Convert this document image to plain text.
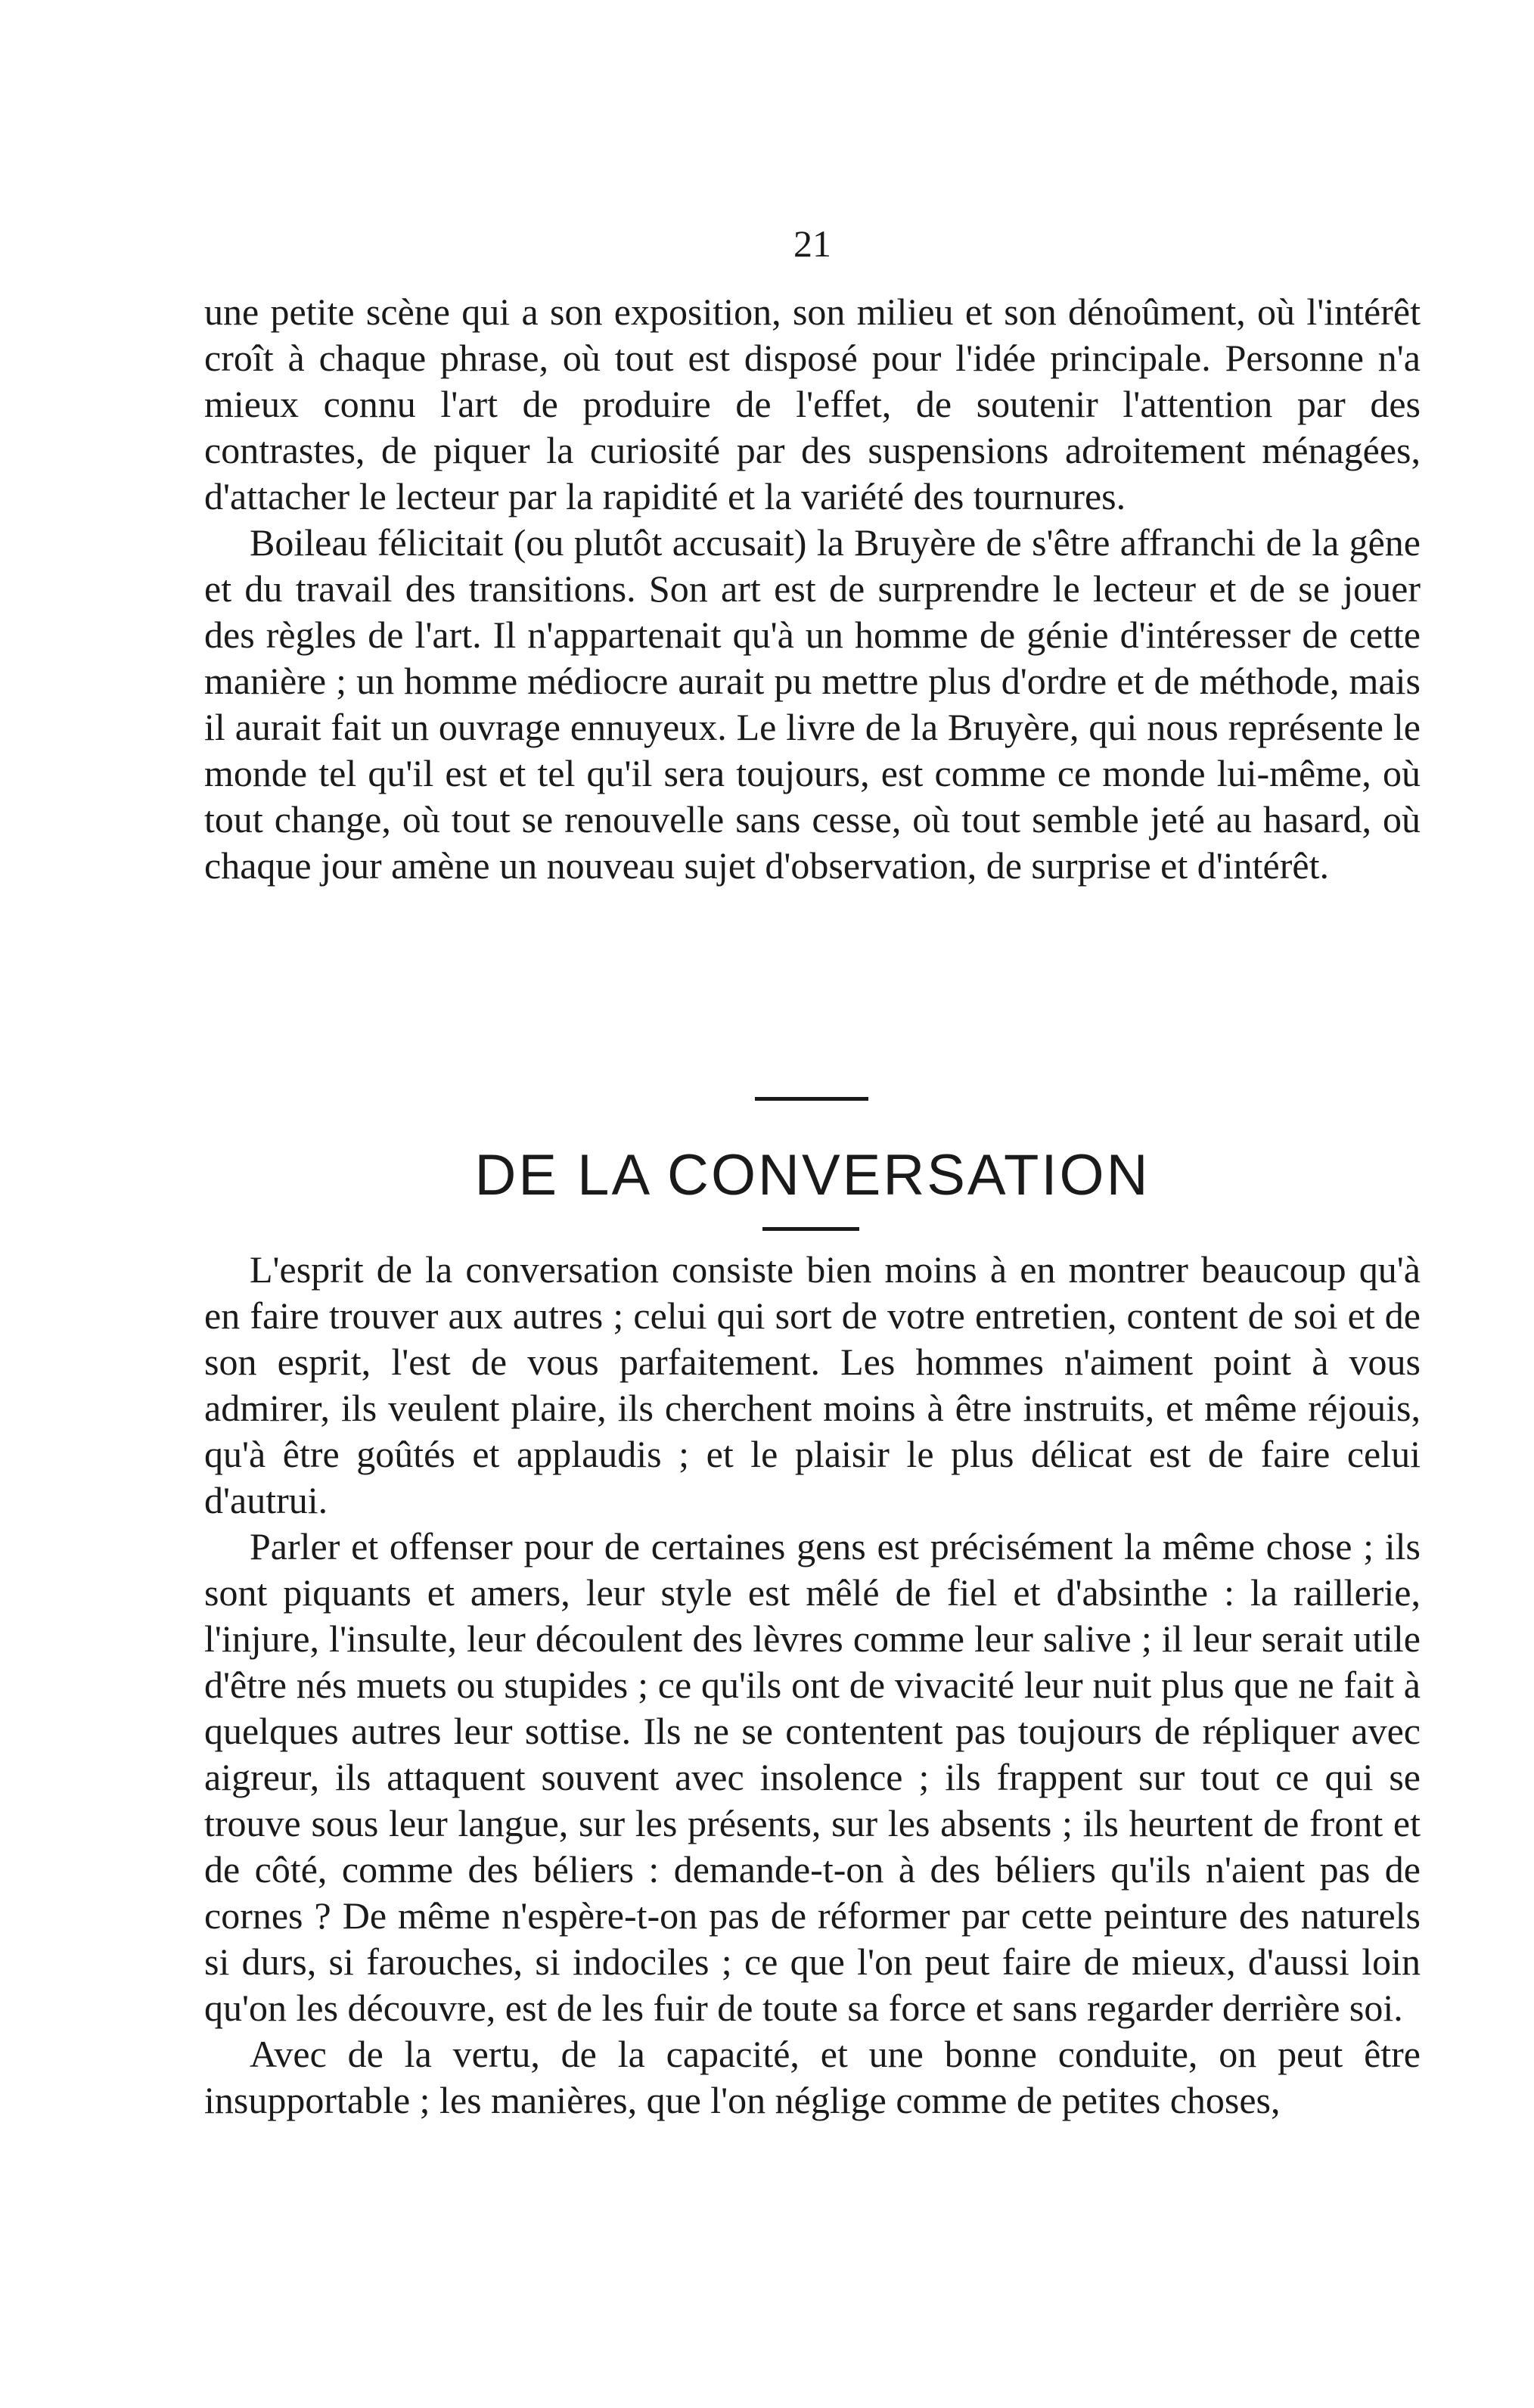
21

une petite scène qui a son exposition, son milieu et son dénoûment, où l'intérêt croît à chaque phrase, où tout est disposé pour l'idée principale. Personne n'a mieux connu l'art de produire de l'effet, de soutenir l'attention par des contrastes, de piquer la curiosité par des suspensions adroitement ménagées, d'attacher le lecteur par la rapidité et la variété des tournures.

Boileau félicitait (ou plutôt accusait) la Bruyère de s'être affranchi de la gêne et du travail des transitions. Son art est de surprendre le lecteur et de se jouer des règles de l'art. Il n'appartenait qu'à un homme de génie d'intéresser de cette manière ; un homme médiocre aurait pu mettre plus d'ordre et de méthode, mais il aurait fait un ouvrage ennuyeux. Le livre de la Bruyère, qui nous représente le monde tel qu'il est et tel qu'il sera toujours, est comme ce monde lui-même, où tout change, où tout se renouvelle sans cesse, où tout semble jeté au hasard, où chaque jour amène un nouveau sujet d'observation, de surprise et d'intérêt.

DE LA CONVERSATION

L'esprit de la conversation consiste bien moins à en montrer beaucoup qu'à en faire trouver aux autres ; celui qui sort de votre entretien, content de soi et de son esprit, l'est de vous parfaitement. Les hommes n'aiment point à vous admirer, ils veulent plaire, ils cherchent moins à être instruits, et même réjouis, qu'à être goûtés et applaudis ; et le plaisir le plus délicat est de faire celui d'autrui.

Parler et offenser pour de certaines gens est précisément la même chose ; ils sont piquants et amers, leur style est mêlé de fiel et d'absinthe : la raillerie, l'injure, l'insulte, leur découlent des lèvres comme leur salive ; il leur serait utile d'être nés muets ou stupides ; ce qu'ils ont de vivacité leur nuit plus que ne fait à quelques autres leur sottise. Ils ne se contentent pas toujours de répliquer avec aigreur, ils attaquent souvent avec insolence ; ils frappent sur tout ce qui se trouve sous leur langue, sur les présents, sur les absents ; ils heurtent de front et de côté, comme des béliers : demande-t-on à des béliers qu'ils n'aient pas de cornes ? De même n'espère-t-on pas de réformer par cette peinture des naturels si durs, si farouches, si indociles ; ce que l'on peut faire de mieux, d'aussi loin qu'on les découvre, est de les fuir de toute sa force et sans regarder derrière soi.

Avec de la vertu, de la capacité, et une bonne conduite, on peut être insupportable ; les manières, que l'on néglige comme de petites choses,
